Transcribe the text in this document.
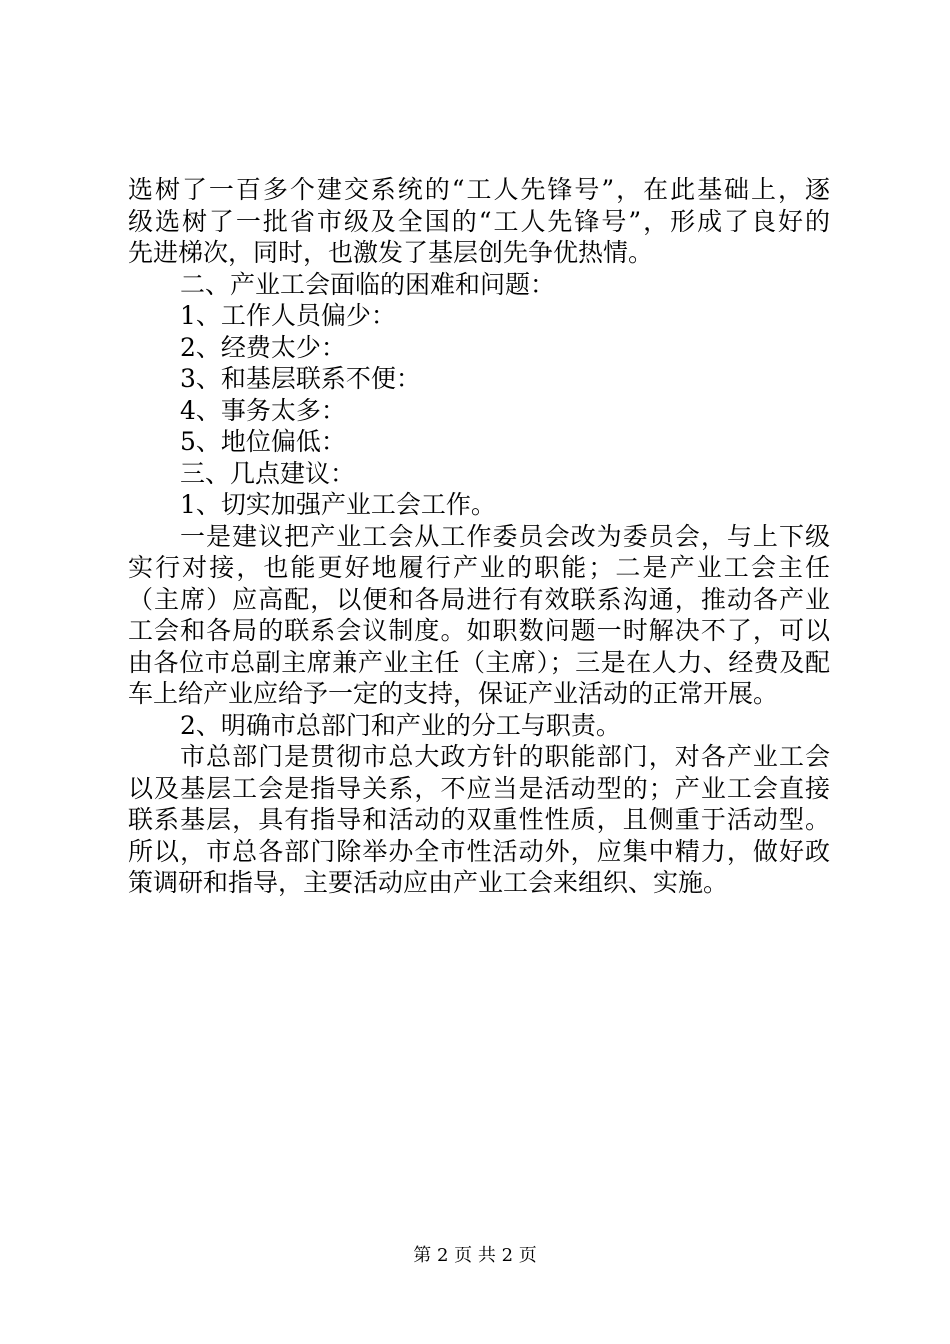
选树了一百多个建交系统的“工人先锋号”，在此基础上，逐
级选树了一批省市级及全国的“工人先锋号”，形成了良好的
先进梯次，同时，也激发了基层创先争优热情。
二、产业工会面临的困难和问题：
1、工作人员偏少：
2、经费太少：
3、和基层联系不便：
4、事务太多：
5、地位偏低：
三、几点建议：
1、切实加强产业工会工作。
一是建议把产业工会从工作委员会改为委员会，与上下级
实行对接，也能更好地履行产业的职能；二是产业工会主任
（主席）应高配，以便和各局进行有效联系沟通，推动各产业
工会和各局的联系会议制度。如职数问题一时解决不了，可以
由各位市总副主席兼产业主任（主席）；三是在人力、经费及配
车上给产业应给予一定的支持，保证产业活动的正常开展。
2、明确市总部门和产业的分工与职责。
市总部门是贯彻市总大政方针的职能部门，对各产业工会
以及基层工会是指导关系，不应当是活动型的；产业工会直接
联系基层，具有指导和活动的双重性性质，且侧重于活动型。
所以，市总各部门除举办全市性活动外，应集中精力，做好政
策调研和指导，主要活动应由产业工会来组织、实施。
第 2 页 共 2 页
